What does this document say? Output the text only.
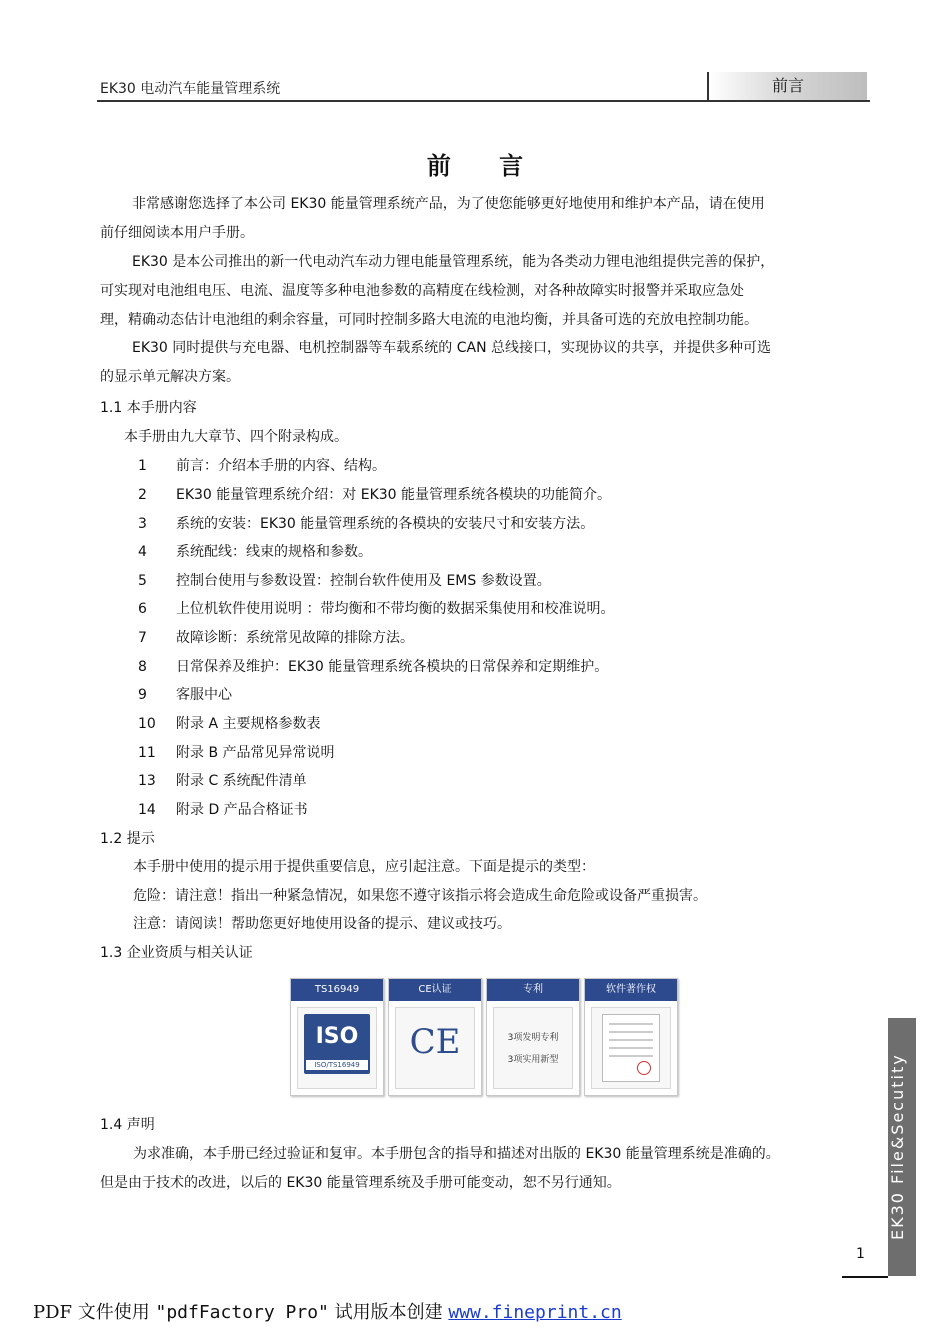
EK30 电动汽车能量管理系统	前言
前 言
非常感谢您选择了本公司 EK30 能量管理系统产品，为了使您能够更好地使用和维护本产品，请在使用
前仔细阅读本用户手册。
EK30 是本公司推出的新一代电动汽车动力锂电能量管理系统，能为各类动力锂电池组提供完善的保护，
可实现对电池组电压、电流、温度等多种电池参数的高精度在线检测，对各种故障实时报警并采取应急处
理，精确动态估计电池组的剩余容量，可同时控制多路大电流的电池均衡，并具备可选的充放电控制功能。
EK30 同时提供与充电器、电机控制器等车载系统的 CAN 总线接口，实现协议的共享，并提供多种可选
的显示单元解决方案。
1.1 本手册内容
本手册由九大章节、四个附录构成。
1 前言：介绍本手册的内容、结构。
2 EK30 能量管理系统介绍：对 EK30 能量管理系统各模块的功能简介。
3 系统的安装：EK30 能量管理系统的各模块的安装尺寸和安装方法。
4 系统配线：线束的规格和参数。
5 控制台使用与参数设置：控制台软件使用及 EMS 参数设置。
6 上位机软件使用说明 ：带均衡和不带均衡的数据采集使用和校准说明。
7 故障诊断：系统常见故障的排除方法。
8 日常保养及维护：EK30 能量管理系统各模块的日常保养和定期维护。
9 客服中心
10 附录 A 主要规格参数表
11 附录 B 产品常见异常说明
13 附录 C 系统配件清单
14 附录 D 产品合格证书
1.2 提示
本手册中使用的提示用于提供重要信息，应引起注意。下面是提示的类型：
危险：请注意！指出一种紧急情况，如果您不遵守该指示将会造成生命危险或设备严重损害。
注意：请阅读！帮助您更好地使用设备的提示、建议或技巧。
1.3 企业资质与相关认证
TS16949
ISO
ISO/TS16949
CE认证
CE
专利
3项发明专利
3项实用新型
软件著作权
1.4 声明
为求准确，本手册已经过验证和复审。本手册包含的指导和描述对出版的 EK30 能量管理系统是准确的。
但是由于技术的改进，以后的 EK30 能量管理系统及手册可能变动，恕不另行通知。	EK30 File&Secutity
1
PDF 文件使用 "pdfFactory Pro" 试用版本创建 www.fineprint.cn
